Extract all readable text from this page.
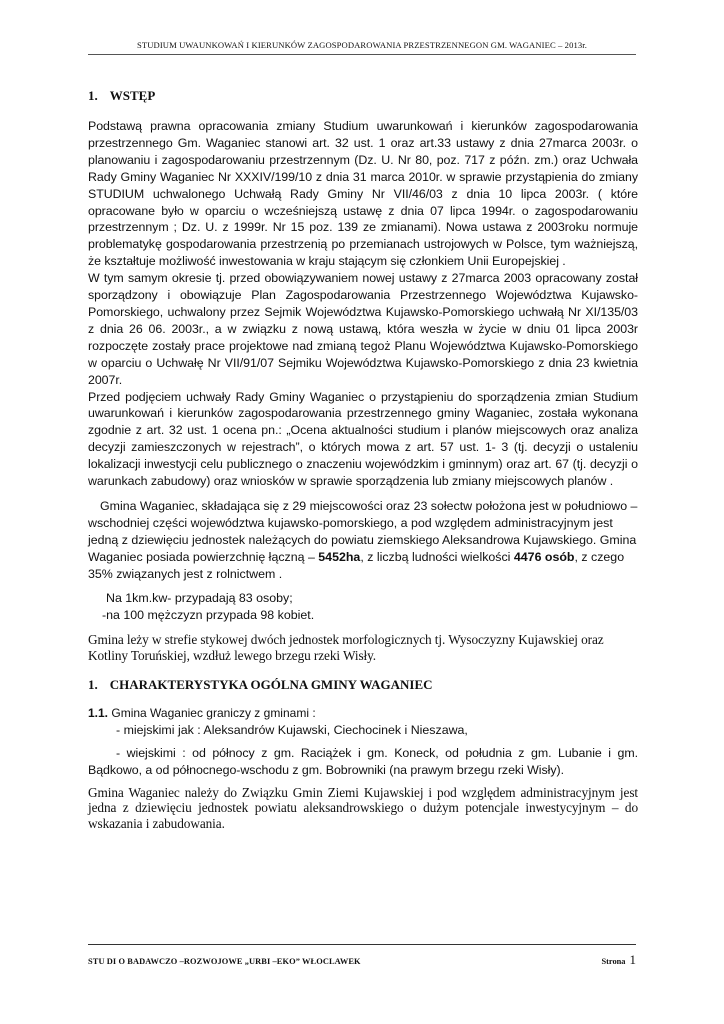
STUDIUM UWAUNKOWAŃ I KIERUNKÓW ZAGOSPODAROWANIA PRZESTRZENNEGON GM. WAGANIEC – 2013r.
1. WSTĘP

Podstawą prawna opracowania zmiany Studium uwarunkowań i kierunków zagospodarowania przestrzennego Gm. Waganiec stanowi art. 32 ust. 1 oraz art.33 ustawy z dnia 27marca 2003r. o planowaniu i zagospodarowaniu przestrzennym (Dz. U. Nr 80, poz. 717 z późn. zm.) oraz Uchwała Rady Gminy Waganiec Nr XXXIV/199/10 z dnia 31 marca 2010r. w sprawie przystąpienia do zmiany STUDIUM uchwalonego Uchwałą Rady Gminy Nr VII/46/03 z dnia 10 lipca 2003r. ( które opracowane było w oparciu o wcześniejszą ustawę z dnia 07 lipca 1994r. o zagospodarowaniu przestrzennym ; Dz. U. z 1999r. Nr 15 poz. 139 ze zmianami). Nowa ustawa z 2003roku normuje problematykę gospodarowania przestrzenią po przemianach ustrojowych w Polsce, tym ważniejszą, że kształtuje możliwość inwestowania w kraju stającym się członkiem Unii Europejskiej .

W tym samym okresie tj. przed obowiązywaniem nowej ustawy z 27marca 2003 opracowany został sporządzony i obowiązuje Plan Zagospodarowania Przestrzennego Województwa Kujawsko-Pomorskiego, uchwalony przez Sejmik Województwa Kujawsko-Pomorskiego uchwałą Nr XI/135/03 z dnia 26 06. 2003r., a w związku z nową ustawą, która weszła w życie w dniu 01 lipca 2003r rozpoczęte zostały prace projektowe nad zmianą tegoż Planu Województwa Kujawsko-Pomorskiego w oparciu o Uchwałę Nr VII/91/07 Sejmiku Województwa Kujawsko-Pomorskiego z dnia 23 kwietnia 2007r.

Przed podjęciem uchwały Rady Gminy Waganiec o przystąpieniu do sporządzenia zmian Studium uwarunkowań i kierunków zagospodarowania przestrzennego gminy Waganiec, została wykonana zgodnie z art. 32 ust. 1 ocena pn.: „Ocena aktualności studium i planów miejscowych oraz analiza decyzji zamieszczonych w rejestrach”, o których mowa z art. 57 ust. 1- 3 (tj. decyzji o ustaleniu lokalizacji inwestycji celu publicznego o znaczeniu wojewódzkim i gminnym) oraz art. 67 (tj. decyzji o warunkach zabudowy) oraz wniosków w sprawie sporządzenia lub zmiany miejscowych planów .

Gmina Waganiec, składająca się z 29 miejscowości oraz 23 sołectw położona jest w południowo – wschodniej części województwa kujawsko-pomorskiego, a pod względem administracyjnym jest jedną z dziewięciu jednostek należących do powiatu ziemskiego Aleksandrowa Kujawskiego. Gmina Waganiec posiada powierzchnię łączną – 5452ha, z liczbą ludności wielkości 4476 osób, z czego 35% związanych jest z rolnictwem .

Na 1km.kw- przypadają 83 osoby;

-na 100 mężczyzn przypada 98 kobiet.

Gmina leży w strefie stykowej dwóch jednostek morfologicznych tj. Wysoczyzny Kujawskiej oraz Kotliny Toruńskiej, wzdłuż lewego brzegu rzeki Wisły.

1. CHARAKTERYSTYKA OGÓLNA GMINY WAGANIEC

1.1. Gmina Waganiec graniczy z gminami :

- miejskimi jak : Aleksandrów Kujawski, Ciechocinek i Nieszawa,

- wiejskimi : od północy z gm. Raciążek i gm. Koneck, od południa z gm. Lubanie i gm. Bądkowo, a od północnego-wschodu z gm. Bobrowniki (na prawym brzegu rzeki Wisły).

Gmina Waganiec należy do Związku Gmin Ziemi Kujawskiej i pod względem administracyjnym jest jedna z dziewięciu jednostek powiatu aleksandrowskiego o dużym potencjale inwestycyjnym – do wskazania i zabudowania.

STU DI O BADAWCZO –ROZWOJOWE „URBI –EKO” WŁOCLAWEK	Strona 1
